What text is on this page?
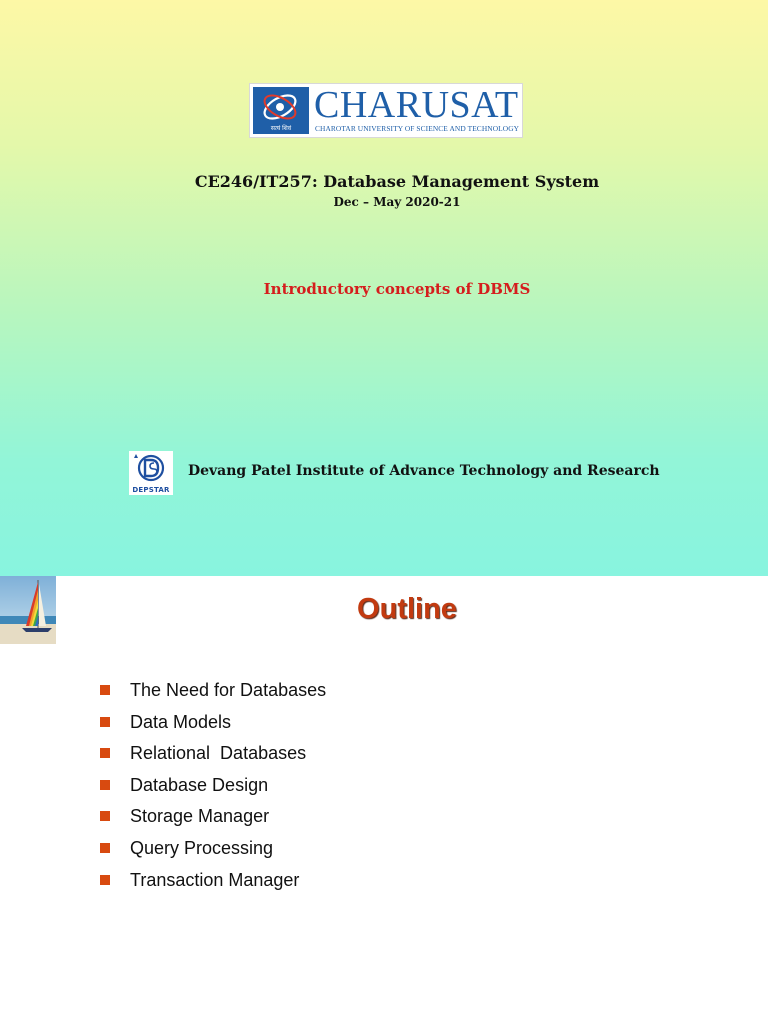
सत्यं शिवं
CHARUSAT
CHAROTAR UNIVERSITY OF SCIENCE AND TECHNOLOGY
CE246/IT257: Database Management System
Dec – May 2020-21
Introductory concepts of DBMS
DEPSTAR
Devang Patel Institute of Advance Technology and Research
Outline
The Need for Databases
Data Models
Relational  Databases
Database Design
Storage Manager
Query Processing
Transaction Manager
